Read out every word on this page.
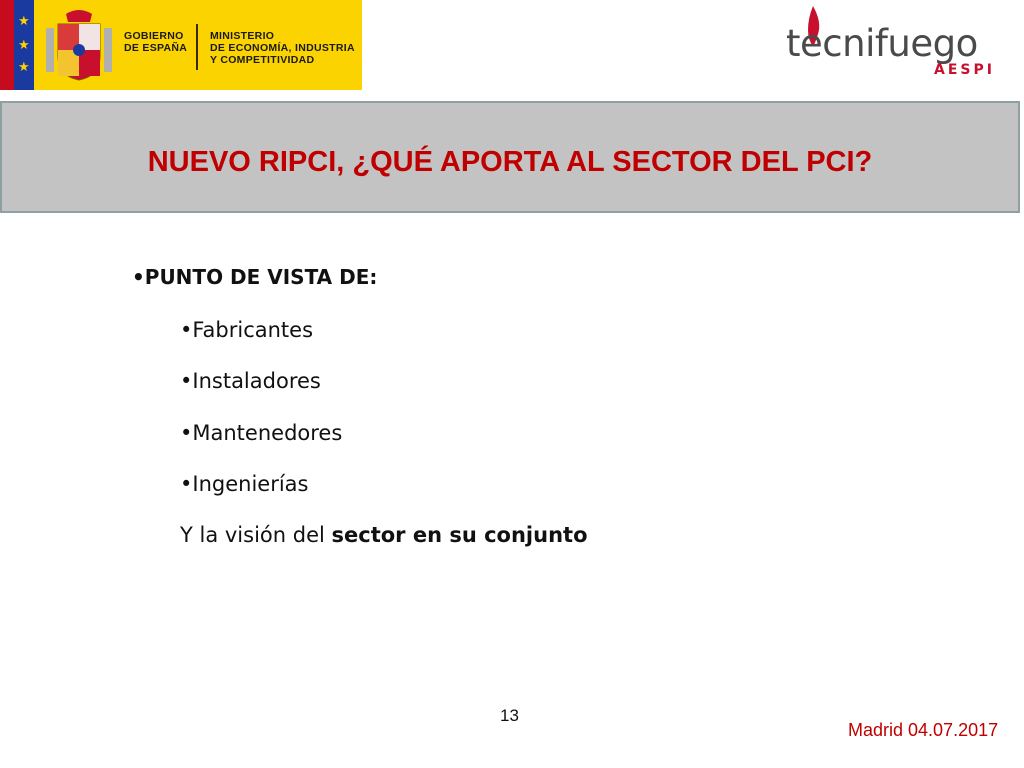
★
★
★
GOBIERNO
DE ESPAÑA
MINISTERIO
DE ECONOMÍA, INDUSTRIA
Y COMPETITIVIDAD	tecnifuego
AESPI
NUEVO RIPCI, ¿QUÉ APORTA AL SECTOR DEL PCI?
•PUNTO DE VISTA DE:
•Fabricantes
•Instaladores
•Mantenedores
•Ingenierías
Y la visión del sector en su conjunto
13
Madrid 04.07.2017
